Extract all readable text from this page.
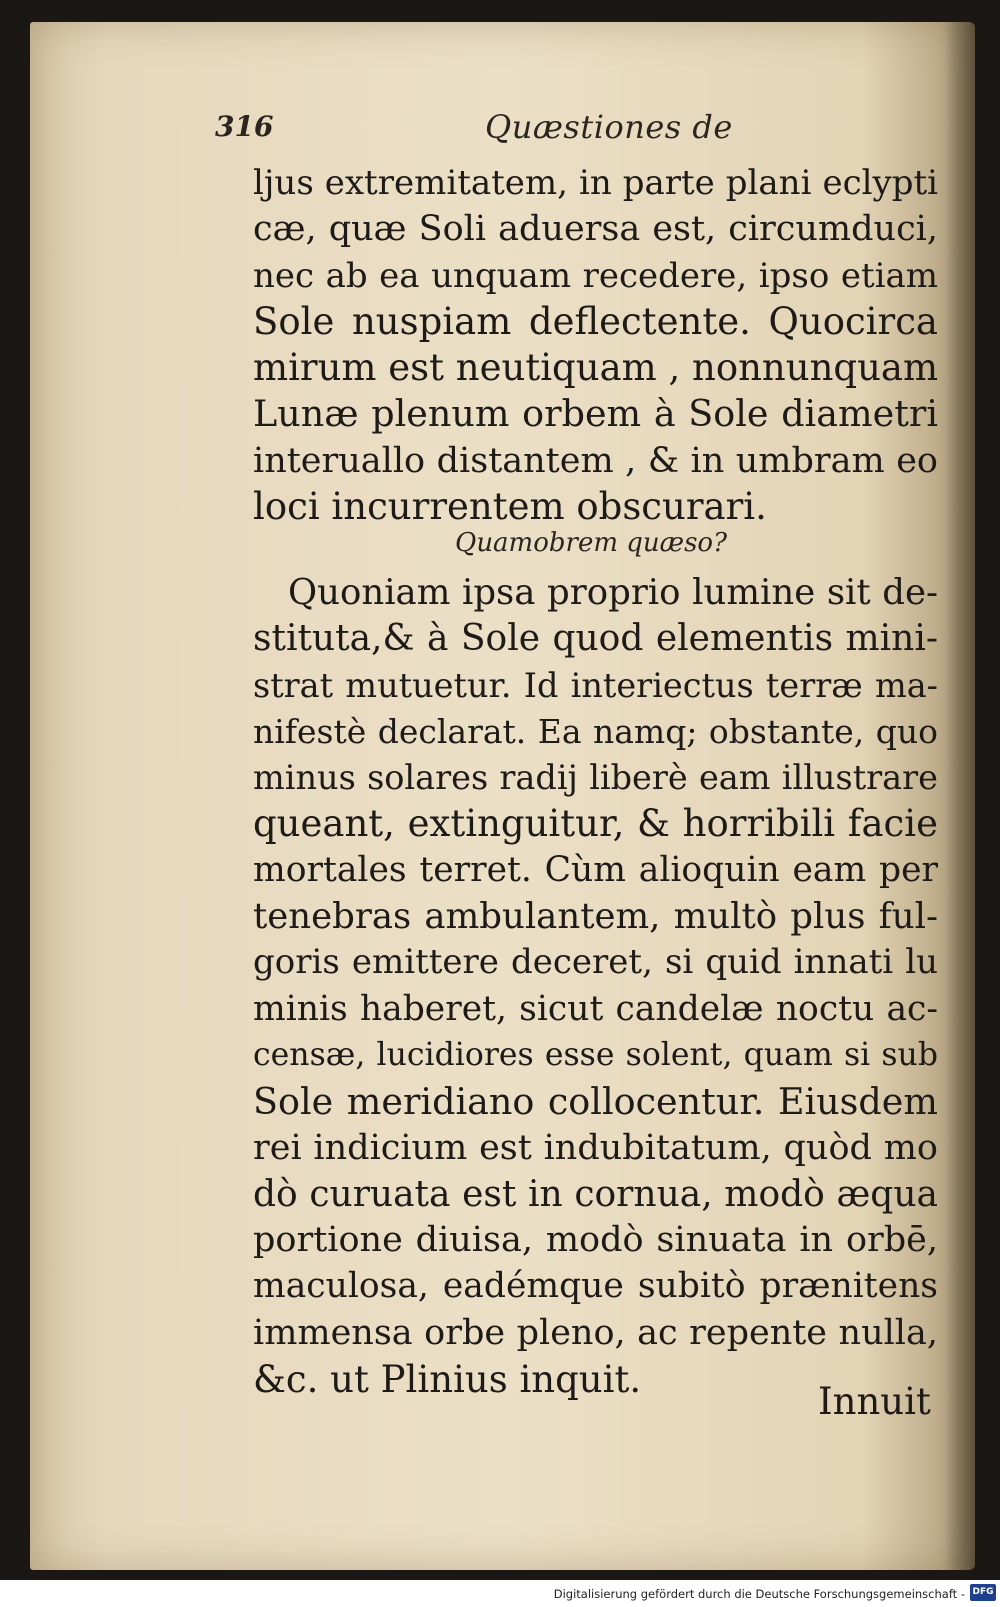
316	Quæstiones de
ljus extremitatem, in parte plani eclypti
cæ, quæ Soli aduersa est, circumduci,
nec ab ea unquam recedere, ipso etiam
Sole nuspiam deflectente. Quocirca
mirum est neutiquam , nonnunquam
Lunæ plenum orbem à Sole diametri
interuallo distantem , & in umbram eo
loci incurrentem obscurari.
Quamobrem quæso?
Quoniam ipsa proprio lumine sit de-
stituta,& à Sole quod elementis mini-
strat mutuetur. Id interiectus terræ ma-
nifestè declarat. Ea namq; obstante, quo
minus solares radij liberè eam illustrare
queant, extinguitur, & horribili facie
mortales terret. Cùm alioquin eam per
tenebras ambulantem, multò plus ful-
goris emittere deceret, si quid innati lu
minis haberet, sicut candelæ noctu ac-
censæ, lucidiores esse solent, quam si sub
Sole meridiano collocentur. Eiusdem
rei indicium est indubitatum, quòd mo
dò curuata est in cornua, modò æqua
portione diuisa, modò sinuata in orbē,
maculosa, eadémque subitò prænitens
immensa orbe pleno, ac repente nulla,
&c. ut Plinius inquit.
Innuit
Digitalisierung gefördert durch die Deutsche Forschungsgemeinschaft - DFG
